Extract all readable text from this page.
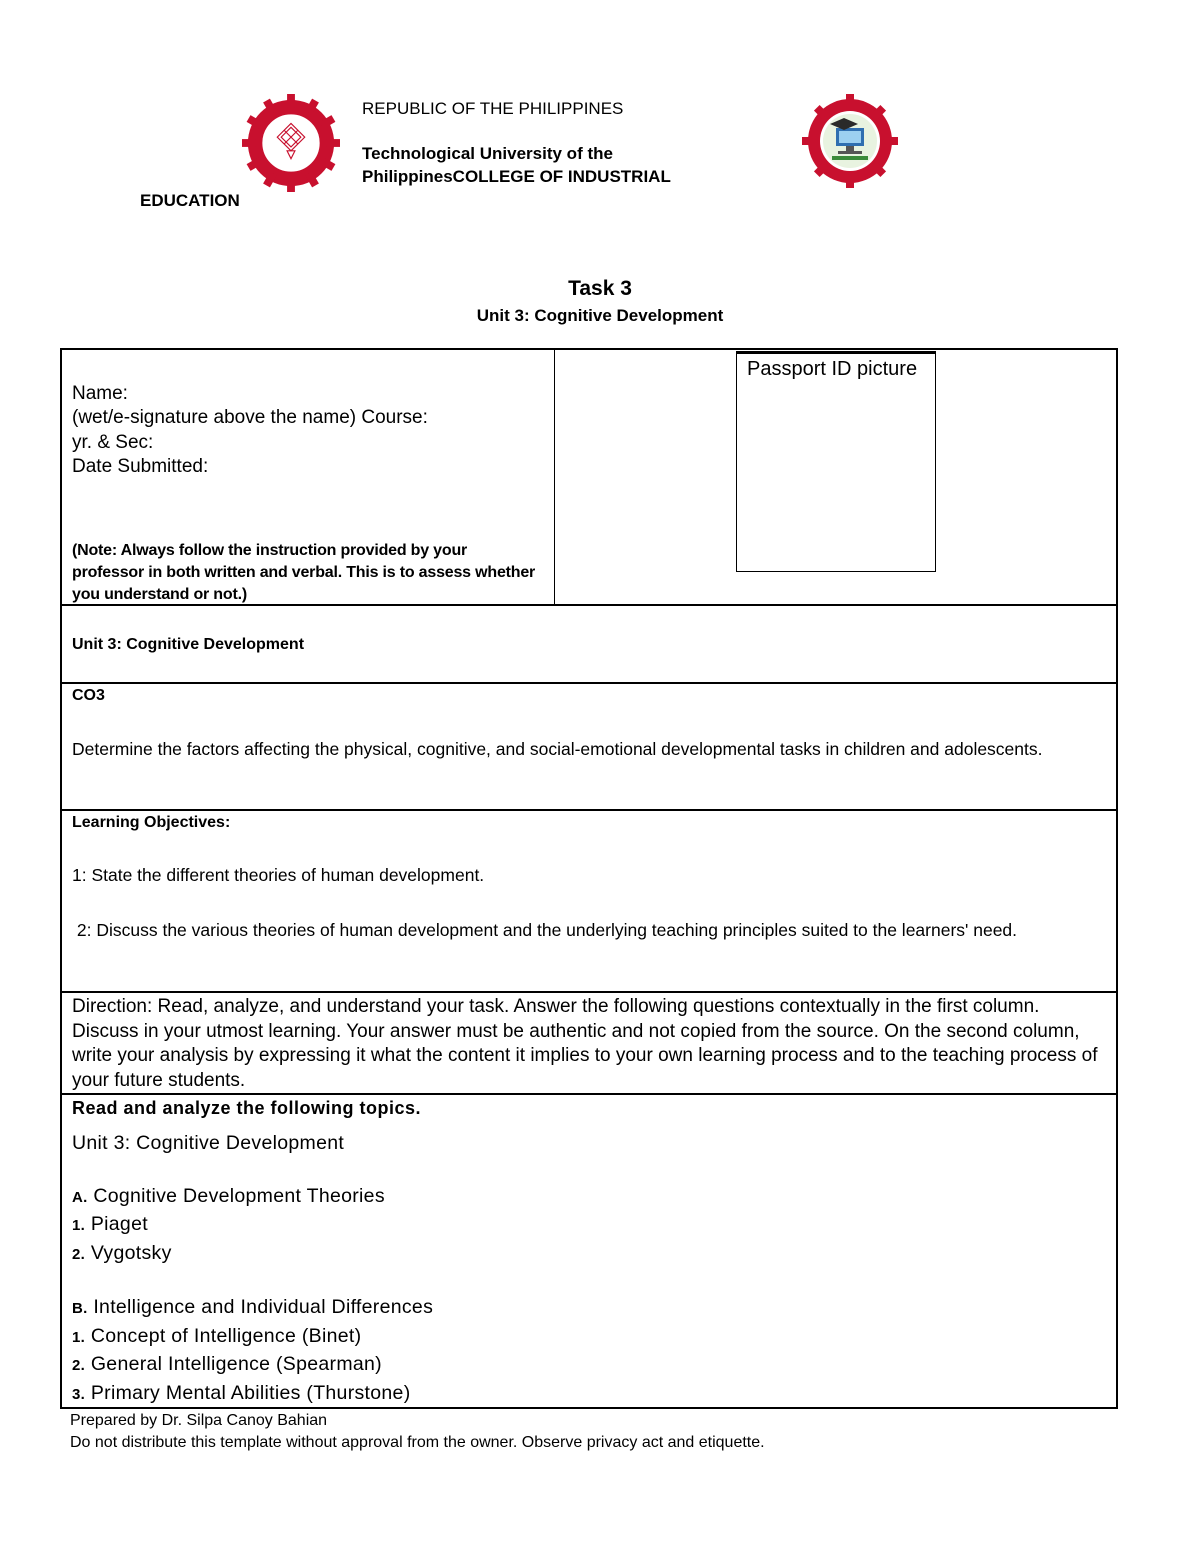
REPUBLIC OF THE PHILIPPINES
Technological University of the
PhilippinesCOLLEGE OF INDUSTRIAL
EDUCATION
Task 3
Unit 3: Cognitive Development
Name:
(wet/e-signature above the name) Course:
yr. & Sec:
Date Submitted:
(Note: Always follow the instruction provided by your professor in both written and verbal. This is to assess whether you understand or not.)
Unit 3: Cognitive Development
CO3
Determine the factors affecting the physical, cognitive, and social-emotional developmental tasks in children and adolescents.
Learning Objectives:
1: State the different theories of human development.
2: Discuss the various theories of human development and the underlying teaching principles suited to the learners' need.
Direction: Read, analyze, and understand your task. Answer the following questions contextually in the first column. Discuss in your utmost learning. Your answer must be authentic and not copied from the source. On the second column, write your analysis by expressing it what the content it implies to your own learning process and to the teaching process of your future students.
Read and analyze the following topics.
Unit 3: Cognitive Development
A. Cognitive Development Theories
1. Piaget
2. Vygotsky
B. Intelligence and Individual Differences
1. Concept of Intelligence (Binet)
2. General Intelligence (Spearman)
3. Primary Mental Abilities (Thurstone)
Passport ID picture
Prepared by Dr. Silpa Canoy Bahian
Do not distribute this template without approval from the owner. Observe privacy act and etiquette.
